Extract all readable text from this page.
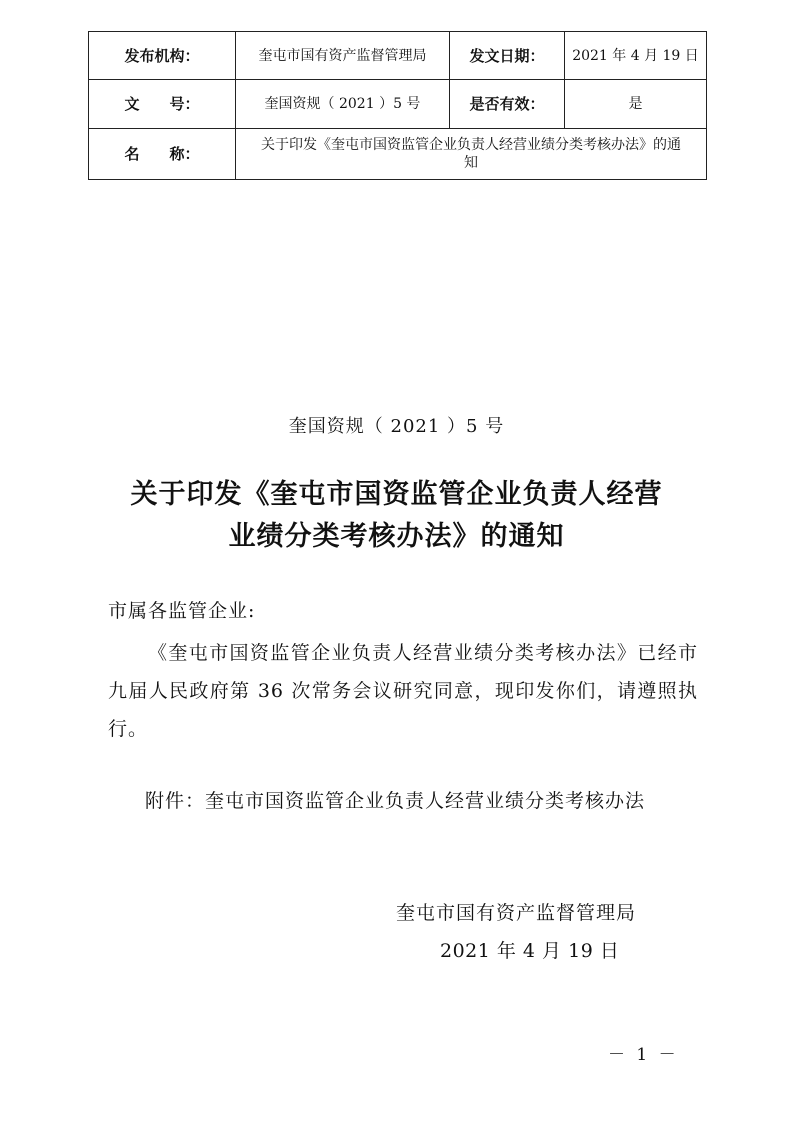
发布机构：	奎屯市国有资产监督管理局	发文日期：	2021 年 4 月 19 日
文　　号：	奎国资规（ 2021 ）5 号	是否有效：	是
名　　称：	关于印发《奎屯市国资监管企业负责人经营业绩分类考核办法》的通知		
奎国资规（ 2021 ）5 号
关于印发《奎屯市国资监管企业负责人经营
业绩分类考核办法》的通知
市属各监管企业:
《奎屯市国资监管企业负责人经营业绩分类考核办法》已经市九届人民政府第 36 次常务会议研究同意，现印发你们，请遵照执行。
附件：奎屯市国资监管企业负责人经营业绩分类考核办法
奎屯市国有资产监督管理局
2021 年 4 月 19 日
－ 1 －
